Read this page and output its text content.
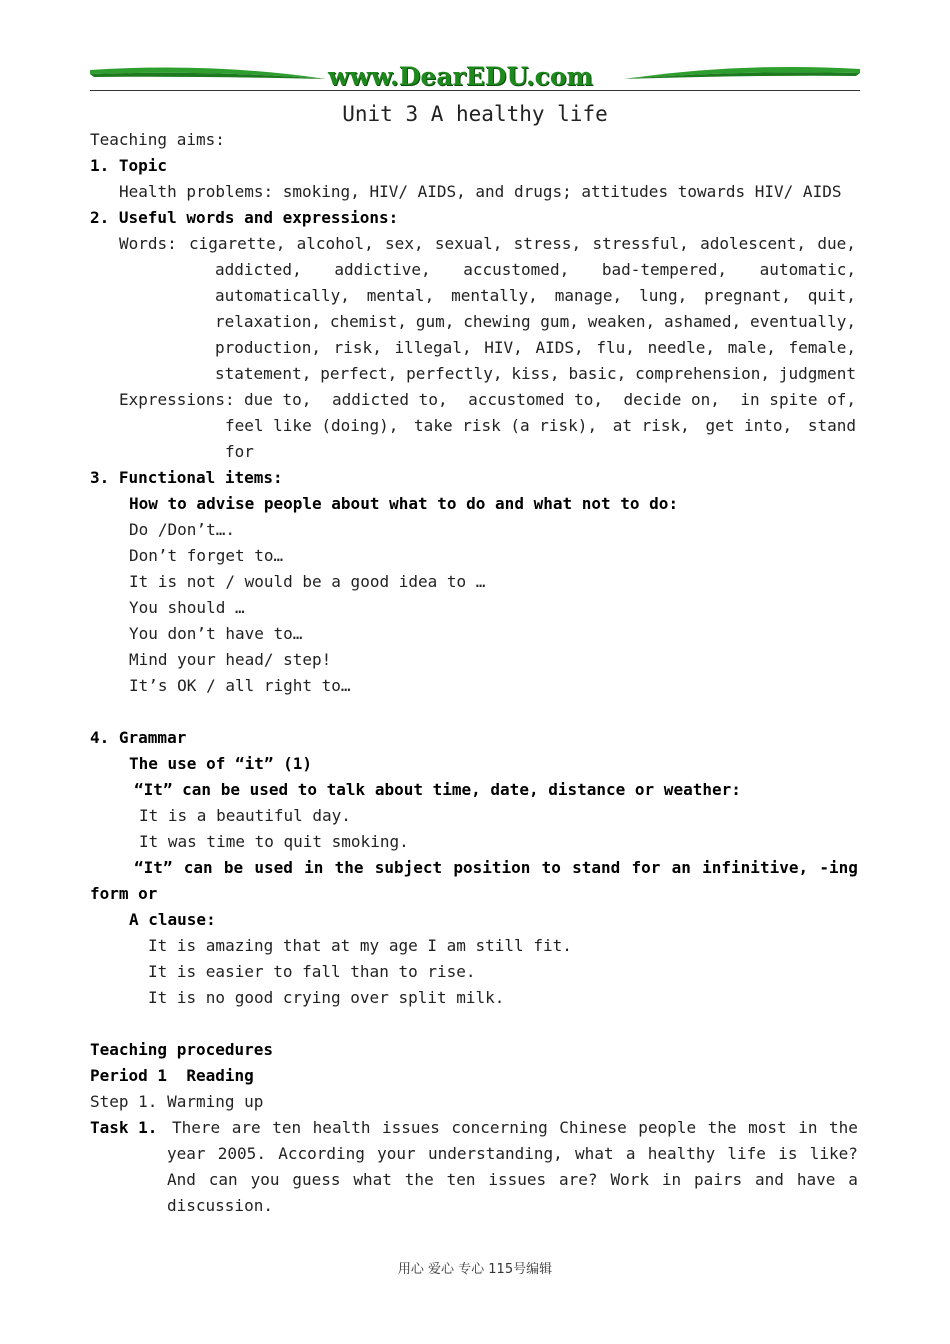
www.DearEDU.com
Unit 3 A healthy life
Teaching aims:
1. Topic
Health problems: smoking, HIV/ AIDS, and drugs; attitudes towards HIV/ AIDS
2. Useful words and expressions:
Words: cigarette, alcohol, sex, sexual, stress, stressful, adolescent, due,
addicted, addictive, accustomed, bad-tempered, automatic,
automatically, mental, mentally, manage, lung, pregnant, quit,
relaxation, chemist, gum, chewing gum, weaken, ashamed, eventually,
production, risk, illegal, HIV, AIDS, flu, needle, male, female,
statement, perfect, perfectly, kiss, basic, comprehension, judgment
Expressions: due to, addicted to, accustomed to, decide on, in spite of,
feel like (doing), take risk (a risk), at risk, get into, stand
for
3. Functional items:
How to advise people about what to do and what not to do:
Do /Don’t….
Don’t forget to…
It is not / would be a good idea to …
You should …
You don’t have to…
Mind your head/ step!
It’s OK / all right to…
4. Grammar
The use of “it” (1)
“It” can be used to talk about time, date, distance or weather:
It is a beautiful day.
It was time to quit smoking.
“It” can be used in the subject position to stand for an infinitive, -ing
form or
A clause:
It is amazing that at my age I am still fit.
It is easier to fall than to rise.
It is no good crying over split milk.
Teaching procedures
Period 1  Reading
Step 1. Warming up
Task 1. There are ten health issues concerning Chinese people the most in the
year 2005. According your understanding, what a healthy life is like?
And can you guess what the ten issues are? Work in pairs and have a
discussion.
用心 爱心 专心 115号编辑
